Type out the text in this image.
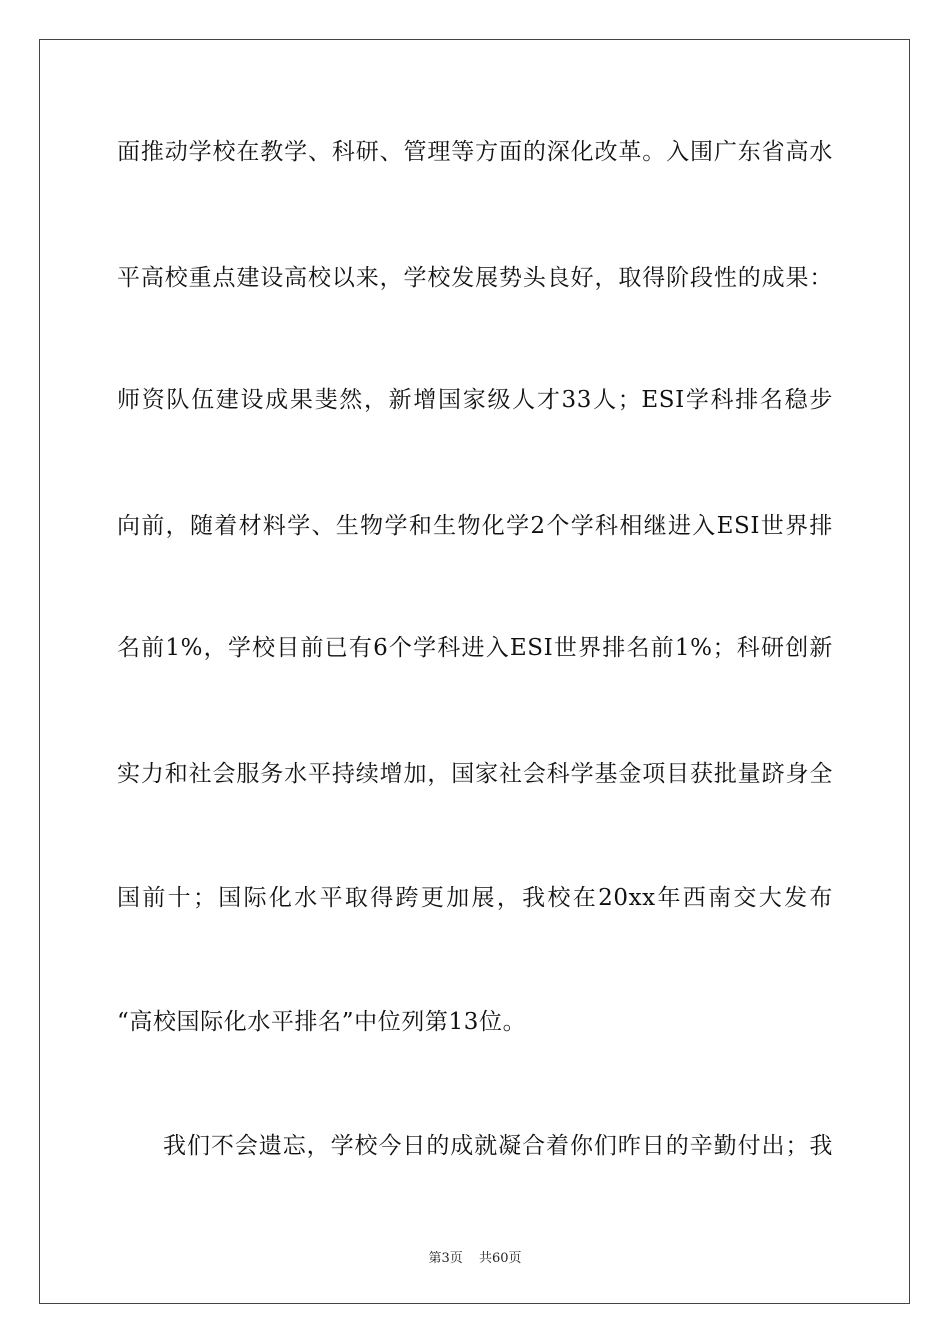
面推动学校在教学、科研、管理等方面的深化改革。入围广东省高水
平高校重点建设高校以来，学校发展势头良好，取得阶段性的成果：
师资队伍建设成果斐然，新增国家级人才33人；ESI学科排名稳步
向前，随着材料学、生物学和生物化学2个学科相继进入ESI世界排
名前1%，学校目前已有6个学科进入ESI世界排名前1%；科研创新
实力和社会服务水平持续增加，国家社会科学基金项目获批量跻身全
国前十；国际化水平取得跨更加展，我校在20xx年西南交大发布
“高校国际化水平排名”中位列第13位。
我们不会遗忘，学校今日的成就凝合着你们昨日的辛勤付出；我
第3页 共60页
